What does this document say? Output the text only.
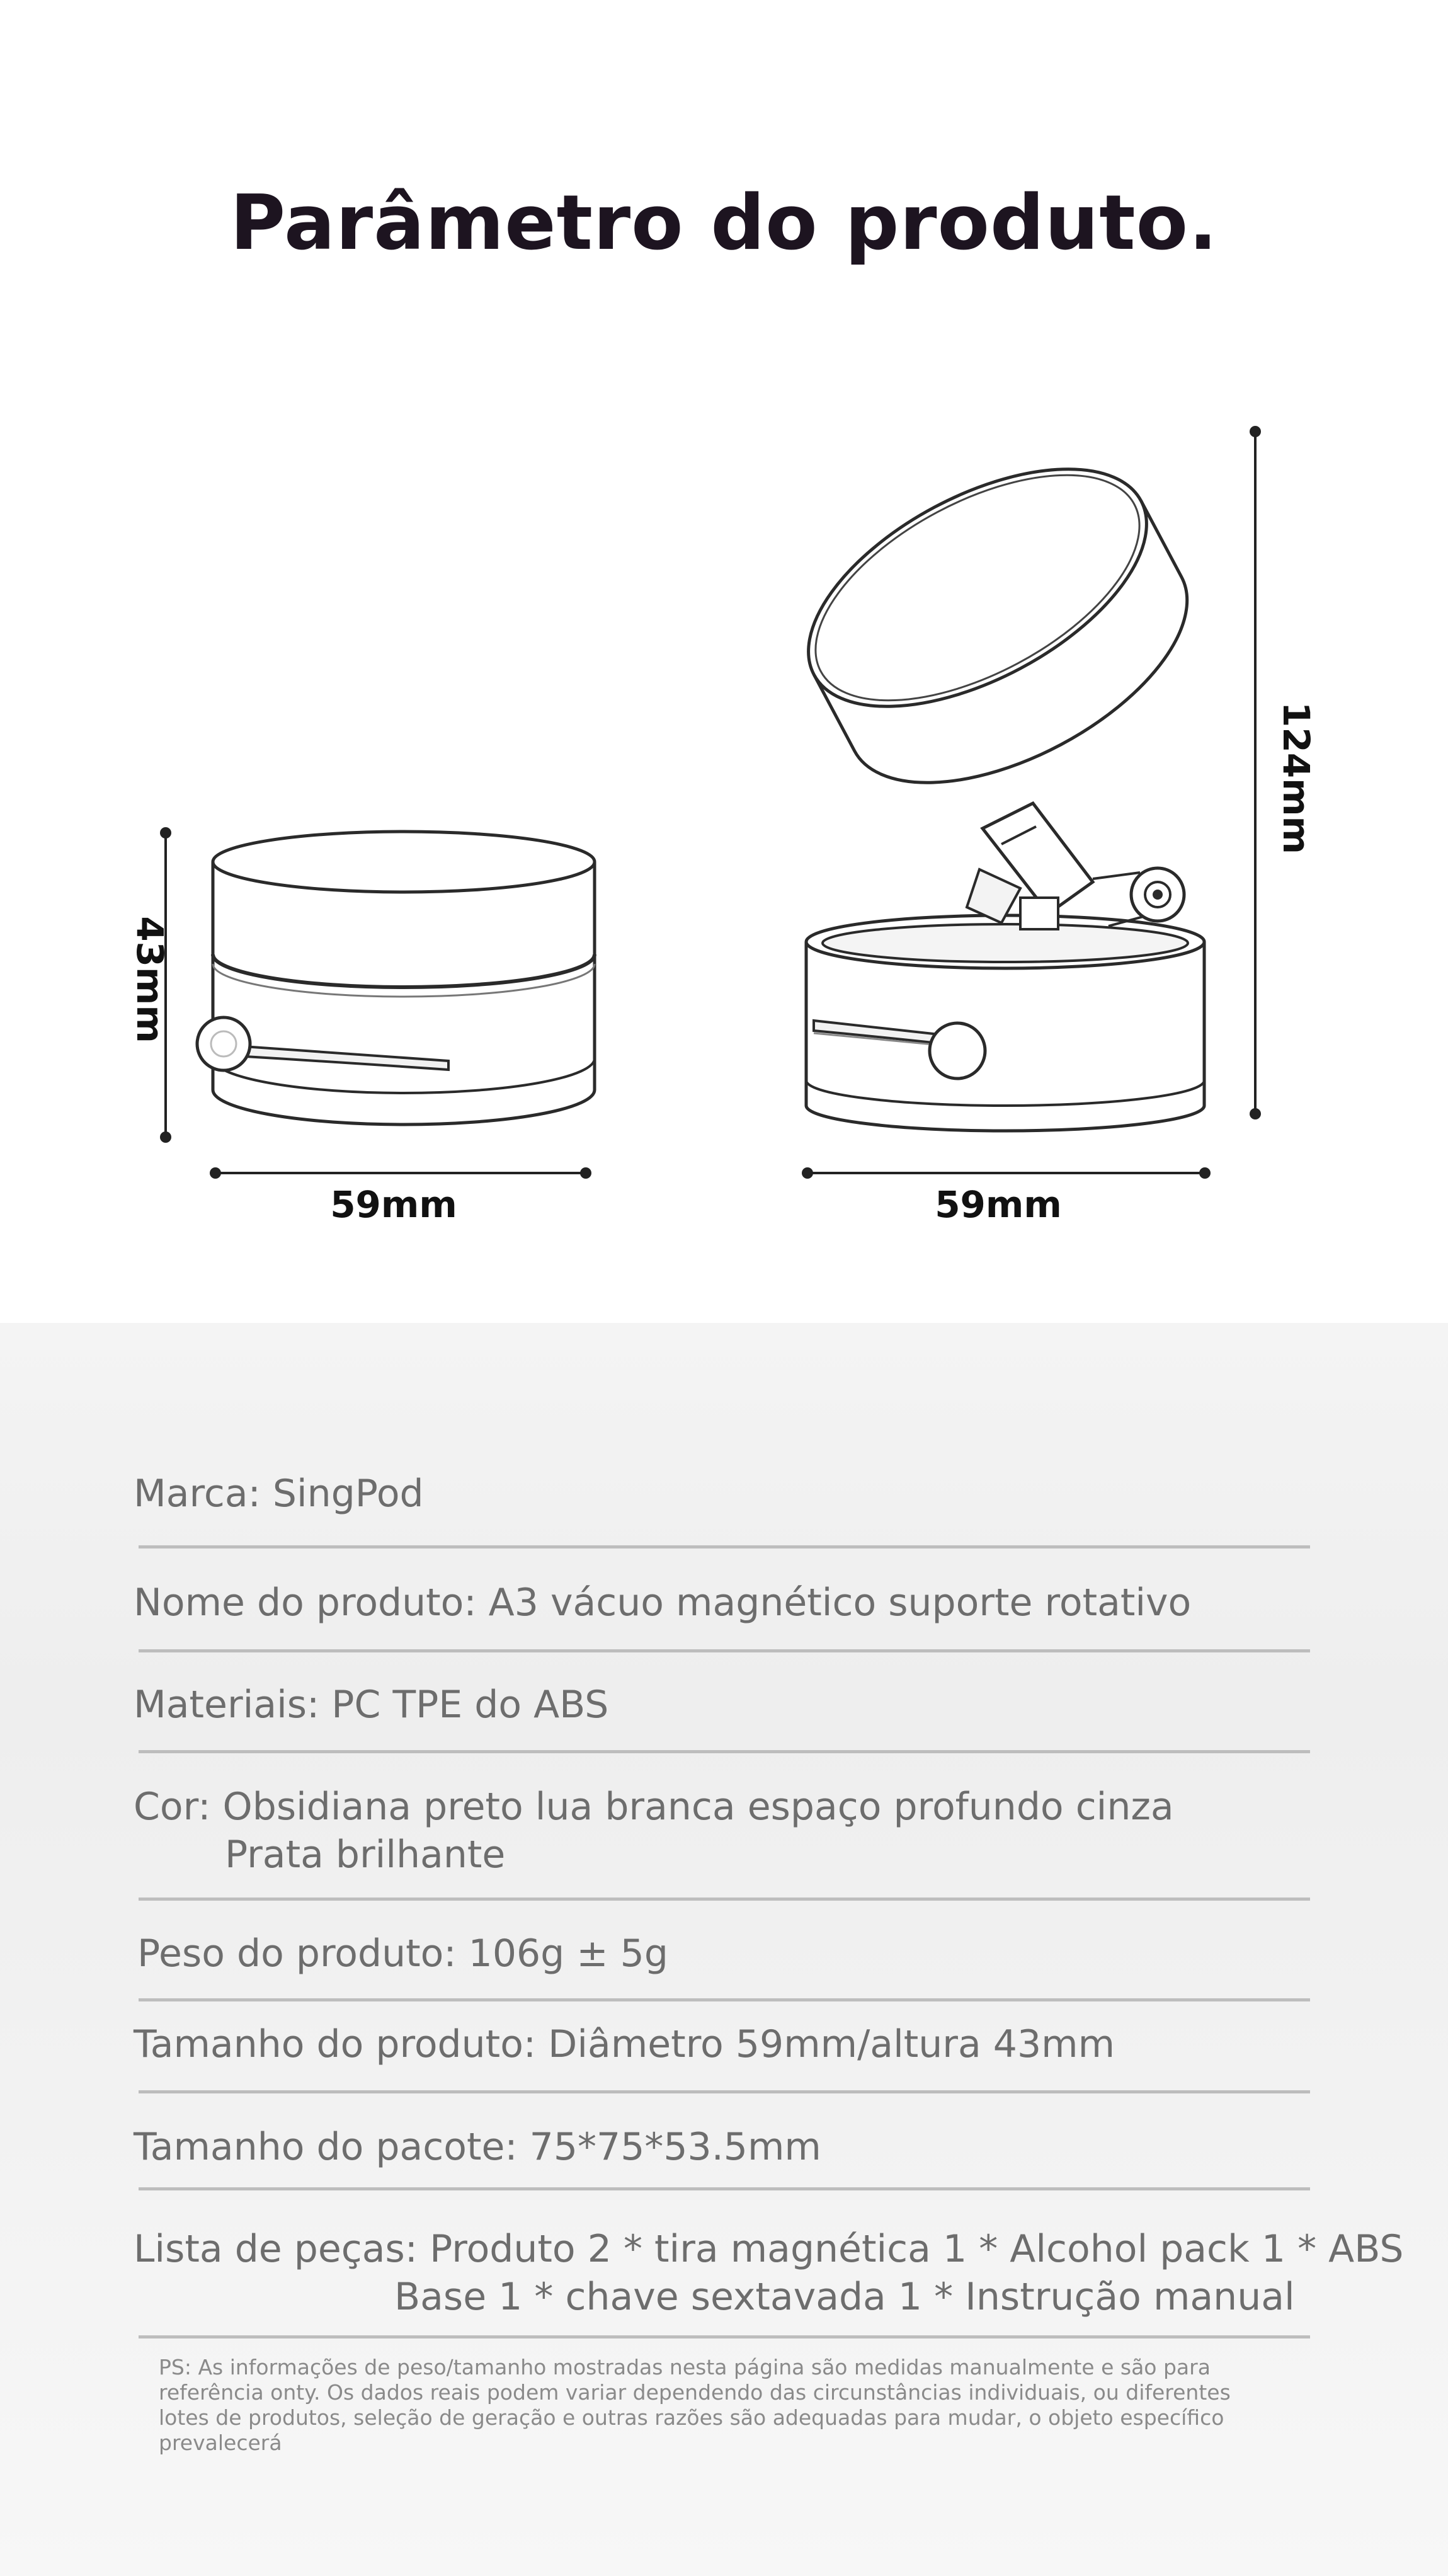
Parâmetro do produto.
43mm
59mm
124mm
59mm
Marca: SingPod
Nome do produto: A3 vácuo magnético suporte rotativo
Materiais: PC TPE do ABS
Cor: Obsidiana preto lua branca espaço profundo cinza
Prata brilhante
Peso do produto: 106g ± 5g
Tamanho do produto: Diâmetro 59mm/altura 43mm
Tamanho do pacote: 75*75*53.5mm
Lista de peças: Produto 2 * tira magnética 1 * Alcohol pack 1 * ABS
Base 1 * chave sextavada 1 * Instrução manual
PS: As informações de peso/tamanho mostradas nesta página são medidas manualmente e são para referência onty. Os dados reais podem variar dependendo das circunstâncias individuais, ou diferentes lotes de produtos, seleção de geração e outras razões são adequadas para mudar, o objeto específico prevalecerá
